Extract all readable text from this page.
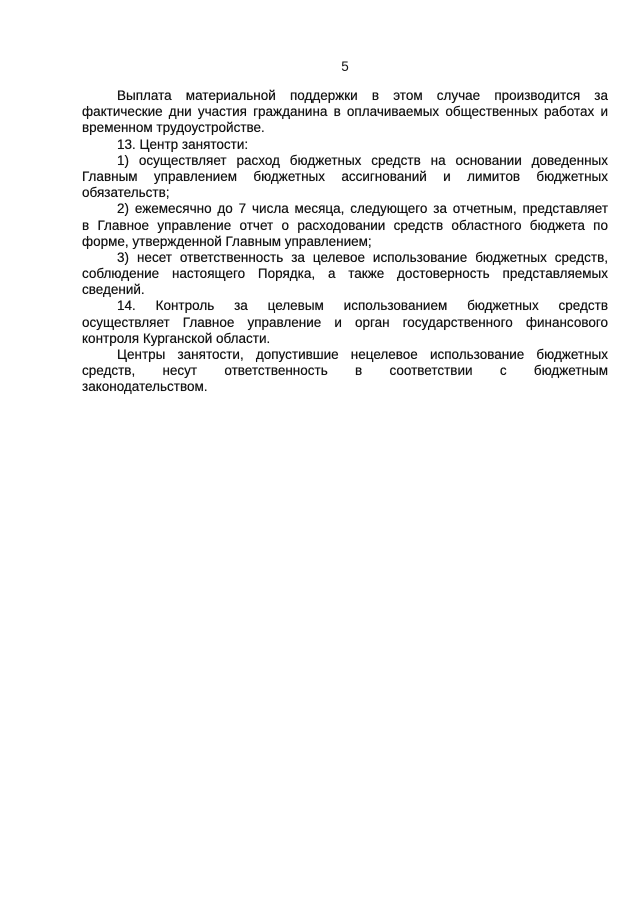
5
Выплата материальной поддержки в этом случае производится за
фактические дни участия гражданина в оплачиваемых общественных работах и
временном трудоустройстве.
13. Центр занятости:
1) осуществляет расход бюджетных средств на основании доведенных
Главным управлением бюджетных ассигнований и лимитов бюджетных
обязательств;
2) ежемесячно до 7 числа месяца, следующего за отчетным, представляет
в Главное управление отчет о расходовании средств областного бюджета по
форме, утвержденной Главным управлением;
3) несет ответственность за целевое использование бюджетных средств,
соблюдение настоящего Порядка, а также достоверность представляемых
сведений.
14. Контроль за целевым использованием бюджетных средств
осуществляет Главное управление и орган государственного финансового
контроля Курганской области.
Центры занятости, допустившие нецелевое использование бюджетных
средств, несут ответственность в соответствии с бюджетным
законодательством.
